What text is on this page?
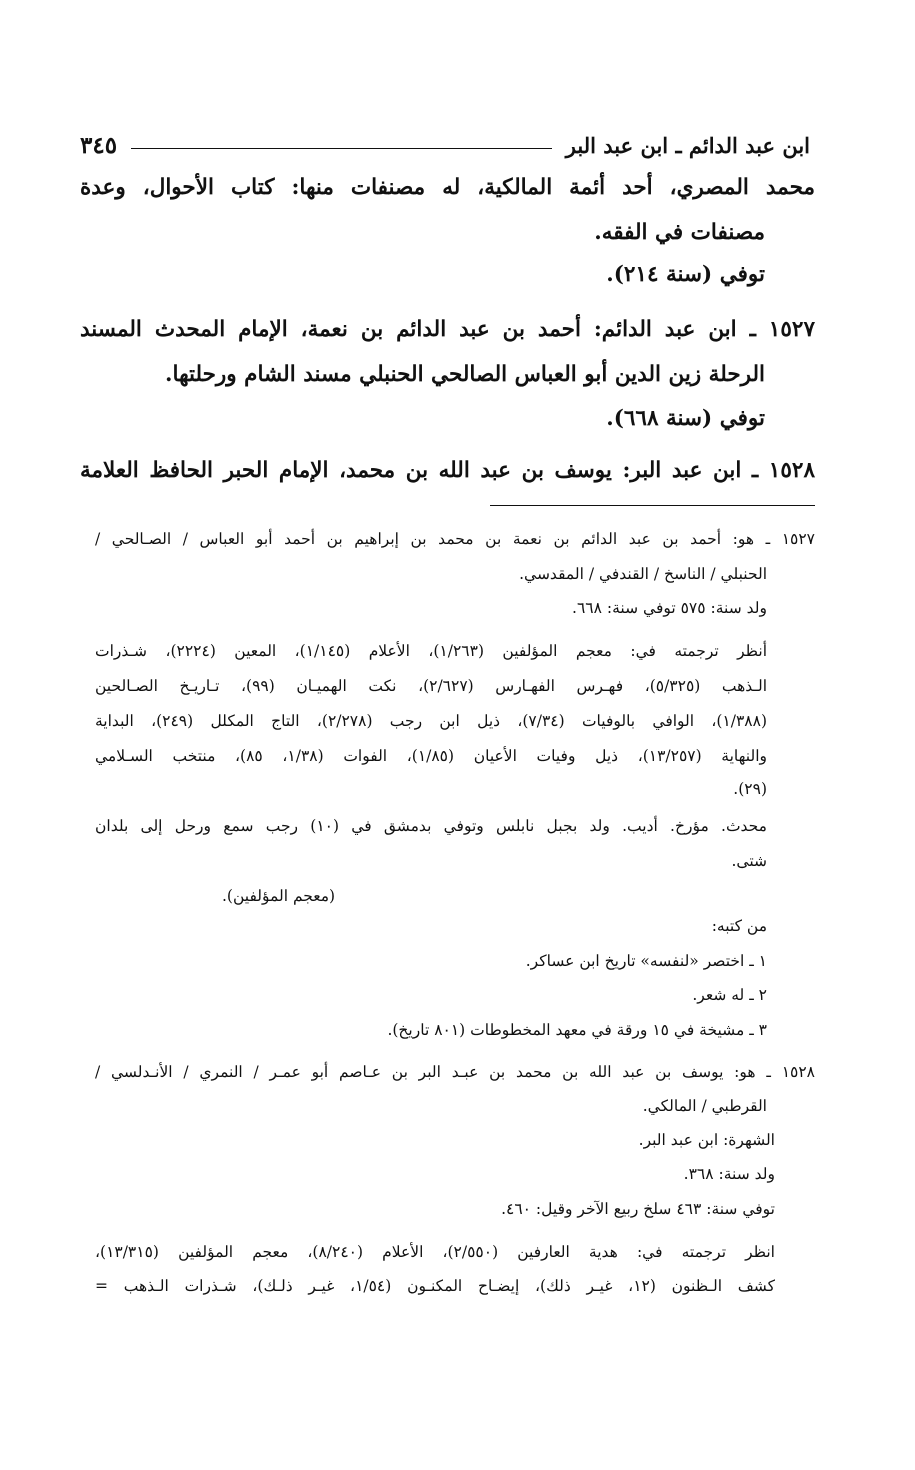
ابن عبد الدائم ـ ابن عبد البر
٣٤٥
محمد المصري، أحد أئمة المالكية، له مصنفات منها: كتاب الأحوال، وعدة
مصنفات في الفقه.
توفي (سنة ٢١٤).
١٥٢٧ ـ ابن عبد الدائم: أحمد بن عبد الدائم بن نعمة، الإمام المحدث المسند
الرحلة زين الدين أبو العباس الصالحي الحنبلي مسند الشام ورحلتها.
توفي (سنة ٦٦٨).
١٥٢٨ ـ ابن عبد البر: يوسف بن عبد الله بن محمد، الإمام الحبر الحافظ العلامة
١٥٢٧ ـ هو: أحمد بن عبد الدائم بن نعمة بن محمد بن إبراهيم بن أحمد أبو العباس / الصـالحي /
الحنبلي / الناسخ / القندفي / المقدسي.
ولد سنة: ٥٧٥ توفي سنة: ٦٦٨.
أنظر ترجمته في: معجم المؤلفين (١/٢٦٣)، الأعلام (١/١٤٥)، المعين (٢٢٢٤)، شـذرات
الـذهب (٥/٣٢٥)، فهـرس الفهـارس (٢/٦٢٧)، نكت الهميـان (٩٩)، تـاريـخ الصـالحين
(١/٣٨٨)، الوافي بالوفيات (٧/٣٤)، ذيل ابن رجب (٢/٢٧٨)، التاج المكلل (٢٤٩)، البداية
والنهاية (١٣/٢٥٧)، ذيل وفيات الأعيان (١/٨٥)، الفوات (١/٣٨، ٨٥)، منتخب السـلامي
(٢٩).
محدث. مؤرخ. أديب. ولد بجبل نابلس وتوفي بدمشق في (١٠) رجب سمع ورحل إلى بلدان
شتى.
(معجم المؤلفين).
من كتبه:
١ ـ اختصر «لنفسه» تاريخ ابن عساكر.
٢ ـ له شعر.
٣ ـ مشيخة في ١٥ ورقة في معهد المخطوطات (٨٠١ تاريخ).
١٥٢٨ ـ هو: يوسف بن عبد الله بن محمد بن عبـد البر بن عـاصم أبو عمـر / النمري / الأنـدلسي /
القرطبي / المالكي.
الشهرة: ابن عبد البر.
ولد سنة: ٣٦٨.
توفي سنة: ٤٦٣ سلخ ربيع الآخر وقيل: ٤٦٠.
انظر ترجمته في: هدية العارفين (٢/٥٥٠)، الأعلام (٨/٢٤٠)، معجم المؤلفين (١٣/٣١٥)،
كشف الـظنون (١٢، غيـر ذلك)، إيضـاح المكنـون (١/٥٤، غيـر ذلـك)، شـذرات الـذهب =
